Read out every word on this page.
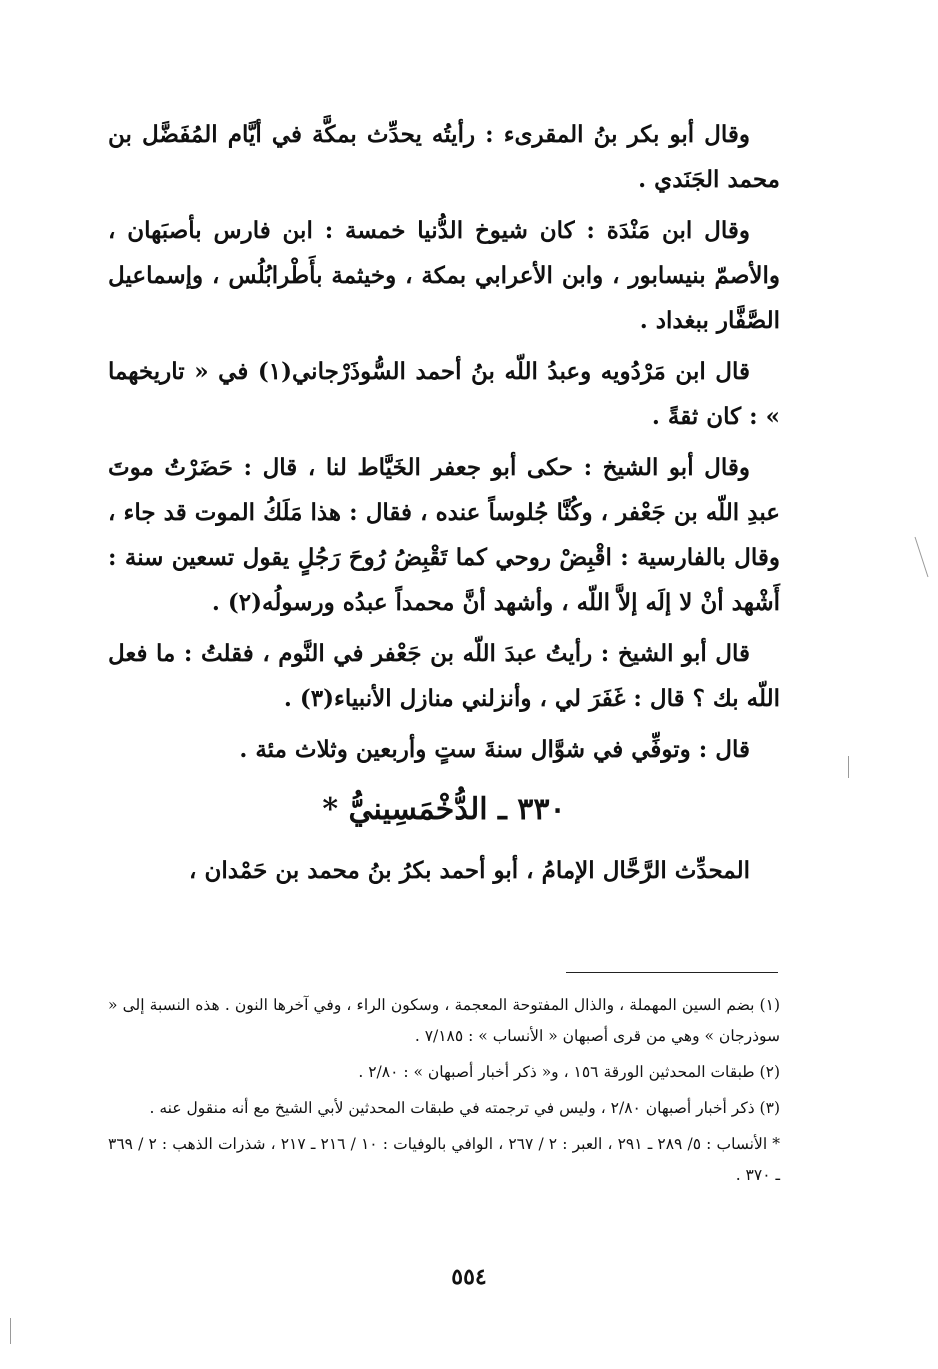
وقال أبو بكر بنُ المقرىء : رأيتُه يحدِّث بمكَّة في أيَّام المُفَضَّل بن محمد الجَنَدي .

وقال ابن مَنْدَة : كان شيوخ الدُّنيا خمسة : ابن فارس بأصبَهان ، والأصمّ بنيسابور ، وابن الأعرابي بمكة ، وخيثمة بأَطْرابُلُس ، وإسماعيل الصَّفَّار ببغداد .

قال ابن مَرْدُويه وعبدُ اللّه بنُ أحمد السُّوذَرْجاني(١) في « تاريخهما » : كان ثقةً .

وقال أبو الشيخ : حكى أبو جعفر الخَيَّاط لنا ، قال : حَضَرْتُ موتَ عبدِ اللّه بن جَعْفر ، وكُنَّا جُلوساً عنده ، فقال : هذا مَلَكُ الموت قد جاء ، وقال بالفارسية : اقْبِضْ روحي كما تَقْبِضُ رُوحَ رَجُلٍ يقول تسعين سنة : أَشْهد أنْ لا إلَه إلاَّ اللّه ، وأشهد أنَّ محمداً عبدُه ورسولُه(٢) .

قال أبو الشيخ : رأيتُ عبدَ اللّه بن جَعْفر في النَّوم ، فقلتُ : ما فعل اللّه بك ؟ قال : غَفَرَ لي ، وأنزلني منازل الأنبياء(٣) .

قال : وتوفِّي في شوَّال سنةَ ستٍ وأربعين وثلاث مئة .

٣٣٠ ـ الدُّخْمَسِينيُّ *

المحدِّث الرَّحَّال الإمامُ ، أبو أحمد بكرُ بنُ محمد بن حَمْدان ،

(١) بضم السين المهملة ، والذال المفتوحة المعجمة ، وسكون الراء ، وفي آخرها النون . هذه النسبة إلى « سوذرجان » وهي من قرى أصبهان « الأنساب » : ٧/١٨٥ .

(٢) طبقات المحدثين الورقة ١٥٦ ، و« ذكر أخبار أصبهان » : ٢/٨٠ .

(٣) ذكر أخبار أصبهان ٢/٨٠ ، وليس في ترجمته في طبقات المحدثين لأبي الشيخ مع أنه منقول عنه .

* الأنساب : ٥/ ٢٨٩ ـ ٢٩١ ، العبر : ٢ / ٢٦٧ ، الوافي بالوفيات : ١٠ / ٢١٦ ـ ٢١٧ ، شذرات الذهب : ٢ / ٣٦٩ ـ ٣٧٠ .

٥٥٤
